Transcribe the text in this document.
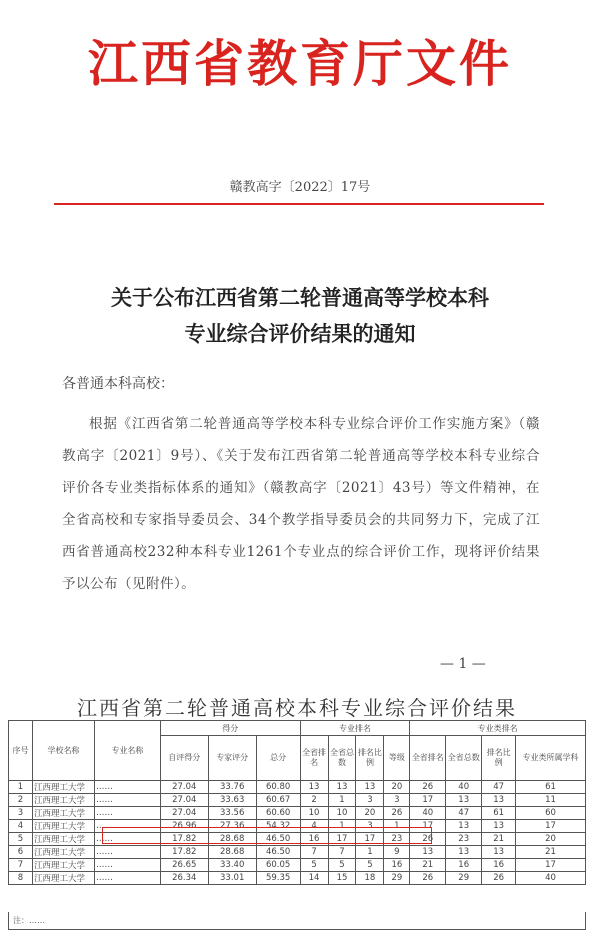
江西省教育厅文件
赣教高字〔2022〕17号
关于公布江西省第二轮普通高等学校本科
专业综合评价结果的通知
各普通本科高校：
根据《江西省第二轮普通高等学校本科专业综合评价工作实施方案》（赣教高字〔2021〕9号）、《关于发布江西省第二轮普通高等学校本科专业综合评价各专业类指标体系的通知》（赣教高字〔2021〕43号）等文件精神，在全省高校和专家指导委员会、34个教学指导委员会的共同努力下，完成了江西省普通高校232种本科专业1261个专业点的综合评价工作，现将评价结果予以公布（见附件）。
— 1 —
江西省第二轮普通高校本科专业综合评价结果
序号	学校名称	专业名称	得分			专业排名				专业类排名			
			自评得分	专家评分	总分	全省排名	全省总数	排名比例	等级	全省排名	全省总数	排名比例	专业类所属学科
1	江西理工大学	……	27.04	33.76	60.80	13	13	13	20	26	40	47	61
2	江西理工大学	……	27.04	33.63	60.67	2	1	3	3	17	13	13	11
3	江西理工大学	……	27.04	33.56	60.60	10	10	20	26	40	47	61	60
4	江西理工大学	……	26.96	27.36	54.32	4	1	3	1	17	13	13	17
5	江西理工大学	……	17.82	28.68	46.50	16	17	17	23	26	23	21	20
6	江西理工大学	……	17.82	28.68	46.50	7	7	1	9	13	13	13	21
7	江西理工大学	……	26.65	33.40	60.05	5	5	5	16	21	16	16	17
8	江西理工大学	……	26.34	33.01	59.35	14	15	18	29	26	29	26	40
注：……
